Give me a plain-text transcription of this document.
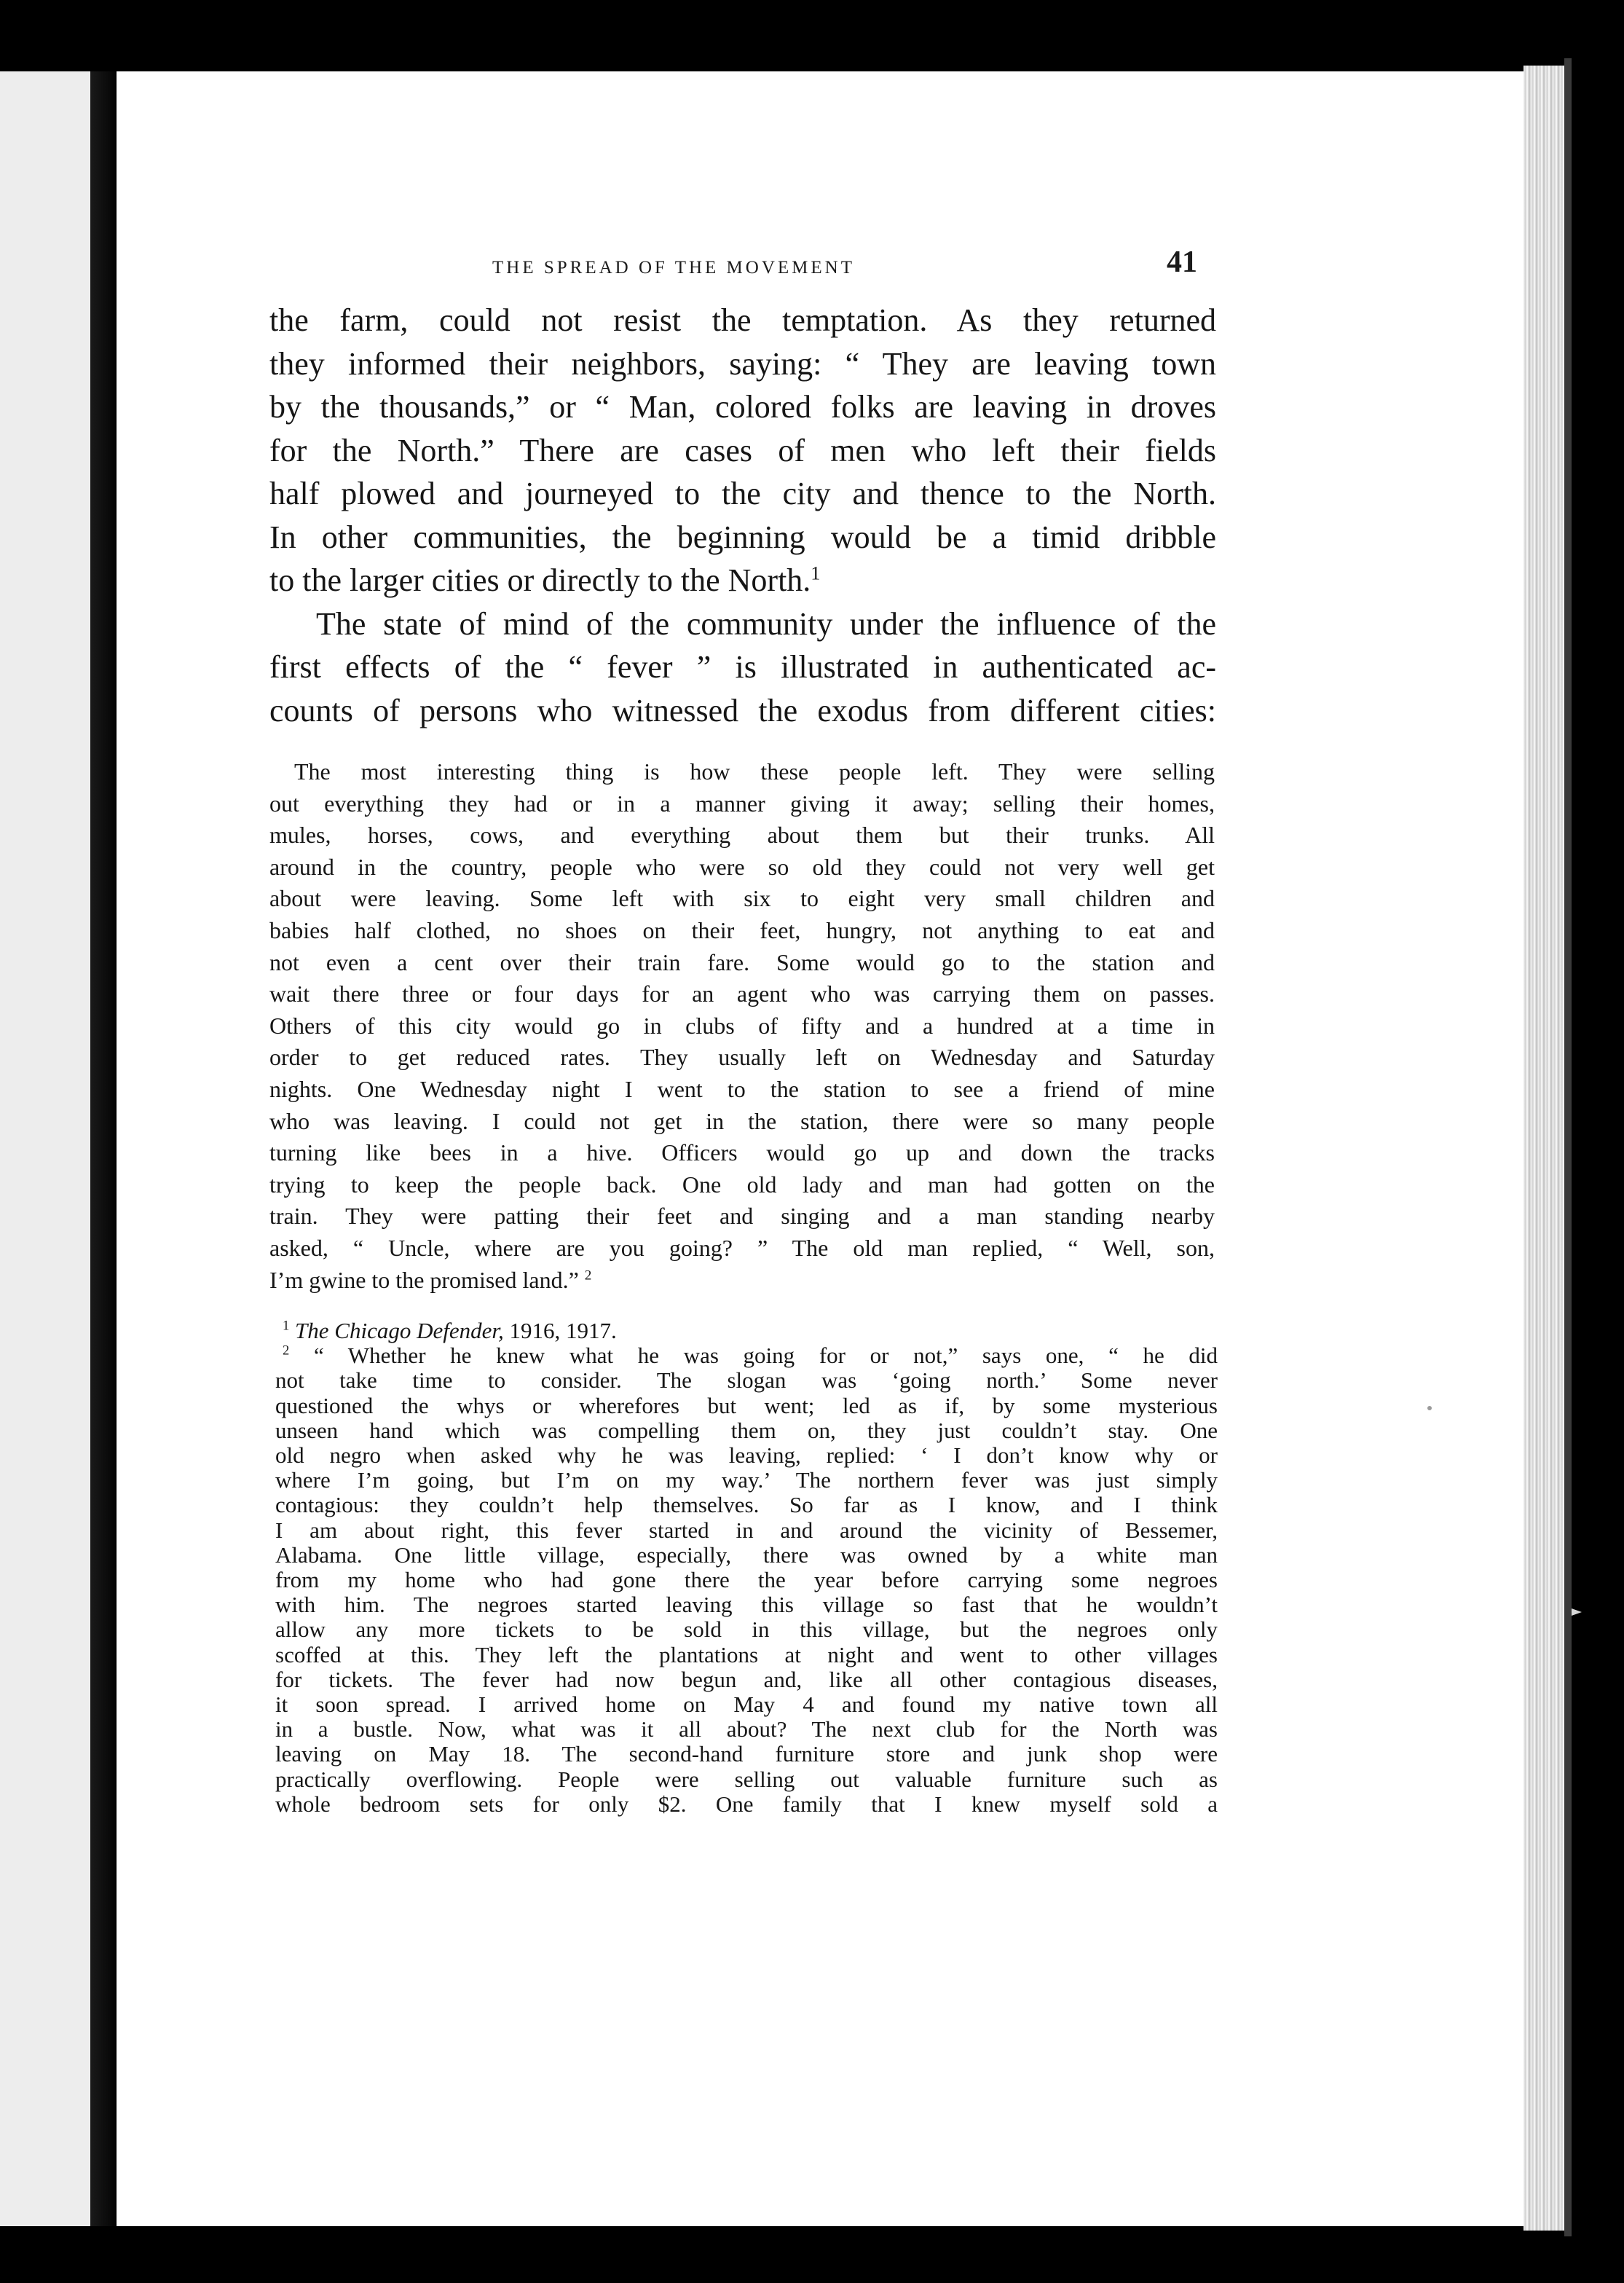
THE SPREAD OF THE MOVEMENT	41
the farm, could not resist the temptation. As they returned
they informed their neighbors, saying: “ They are leaving town
by the thousands,” or “ Man, colored folks are leaving in droves
for the North.” There are cases of men who left their fields
half plowed and journeyed to the city and thence to the North.
In other communities, the beginning would be a timid dribble
to the larger cities or directly to the North.$^1$
The state of mind of the community under the influence of the
first effects of the “ fever ” is illustrated in authenticated ac-
counts of persons who witnessed the exodus from different cities:
The most interesting thing is how these people left. They were selling
out everything they had or in a manner giving it away; selling their homes,
mules, horses, cows, and everything about them but their trunks. All
around in the country, people who were so old they could not very well get
about were leaving. Some left with six to eight very small children and
babies half clothed, no shoes on their feet, hungry, not anything to eat and
not even a cent over their train fare. Some would go to the station and
wait there three or four days for an agent who was carrying them on passes.
Others of this city would go in clubs of fifty and a hundred at a time in
order to get reduced rates. They usually left on Wednesday and Saturday
nights. One Wednesday night I went to the station to see a friend of mine
who was leaving. I could not get in the station, there were so many people
turning like bees in a hive. Officers would go up and down the tracks
trying to keep the people back. One old lady and man had gotten on the
train. They were patting their feet and singing and a man standing nearby
asked, “ Uncle, where are you going? ” The old man replied, “ Well, son,
I’m gwine to the promised land.” $^2$
$^1$ The Chicago Defender, 1916, 1917.
$^2$ “ Whether he knew what he was going for or not,” says one, “ he did
not take time to consider. The slogan was ‘going north.’ Some never
questioned the whys or wherefores but went; led as if, by some mysterious
unseen hand which was compelling them on, they just couldn’t stay. One
old negro when asked why he was leaving, replied: ‘ I don’t know why or
where I’m going, but I’m on my way.’ The northern fever was just simply
contagious: they couldn’t help themselves. So far as I know, and I think
I am about right, this fever started in and around the vicinity of Bessemer,
Alabama. One little village, especially, there was owned by a white man
from my home who had gone there the year before carrying some negroes
with him. The negroes started leaving this village so fast that he wouldn’t
allow any more tickets to be sold in this village, but the negroes only
scoffed at this. They left the plantations at night and went to other villages
for tickets. The fever had now begun and, like all other contagious diseases,
it soon spread. I arrived home on May 4 and found my native town all
in a bustle. Now, what was it all about? The next club for the North was
leaving on May 18. The second-hand furniture store and junk shop were
practically overflowing. People were selling out valuable furniture such as
whole bedroom sets for only $2. One family that I knew myself sold a
